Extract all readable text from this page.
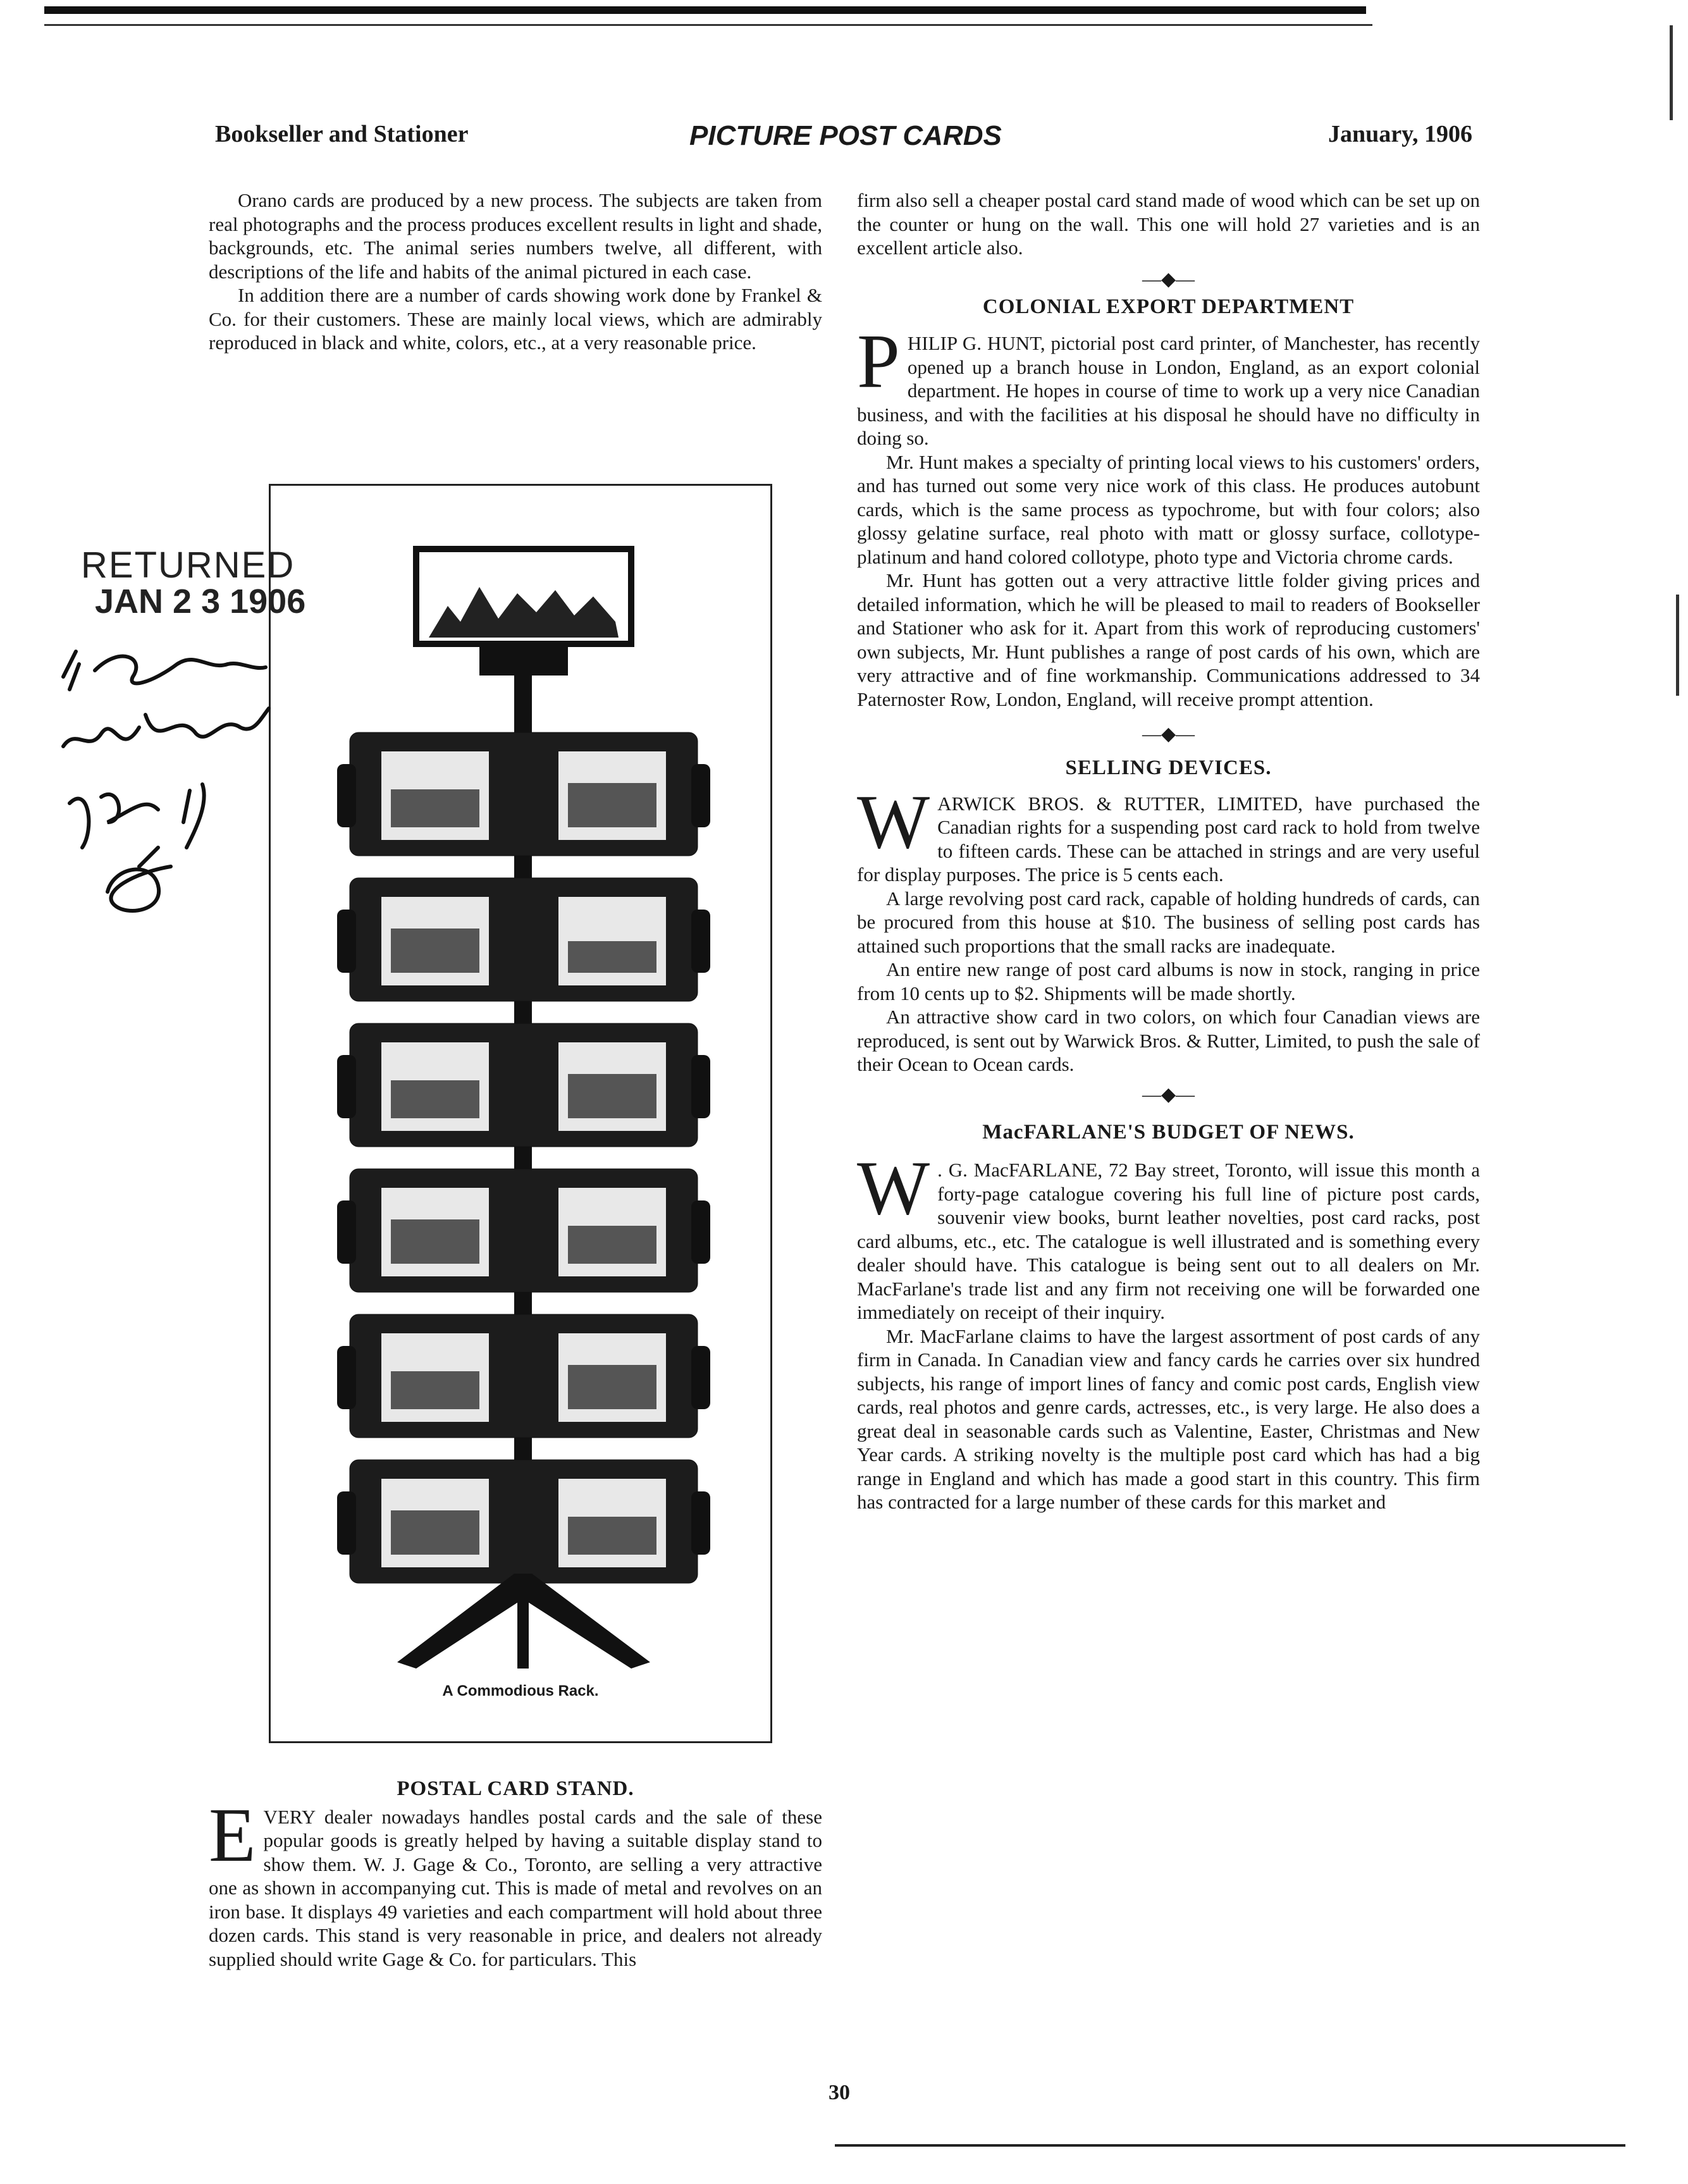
Bookseller and Stationer	PICTURE POST CARDS	January, 1906

Orano cards are produced by a new process. The subjects are taken from real photographs and the process produces excellent results in light and shade, backgrounds, etc. The animal series numbers twelve, all different, with descriptions of the life and habits of the animal pictured in each case.

In addition there are a number of cards showing work done by Frankel & Co. for their customers. These are mainly local views, which are admirably reproduced in black and white, colors, etc., at a very reasonable price.

A Commodious Rack.
RETURNED
JAN 2 3 1906
POSTAL CARD STAND.

EVERY dealer nowadays handles postal cards and the sale of these popular goods is greatly helped by having a suitable display stand to show them. W. J. Gage & Co., Toronto, are selling a very attractive one as shown in accompanying cut. This is made of metal and revolves on an iron base. It displays 49 varieties and each compartment will hold about three dozen cards. This stand is very reasonable in price, and dealers not already supplied should write Gage & Co. for particulars. This

firm also sell a cheaper postal card stand made of wood which can be set up on the counter or hung on the wall. This one will hold 27 varieties and is an excellent article also.

—◆—
COLONIAL EXPORT DEPARTMENT

PHILIP G. HUNT, pictorial post card printer, of Manchester, has recently opened up a branch house in London, England, as an export colonial department. He hopes in course of time to work up a very nice Canadian business, and with the facilities at his disposal he should have no difficulty in doing so.

Mr. Hunt makes a specialty of printing local views to his customers' orders, and has turned out some very nice work of this class. He produces autobunt cards, which is the same process as typochrome, but with four colors; also glossy gelatine surface, real photo with matt or glossy surface, collotype-platinum and hand colored collotype, photo type and Victoria chrome cards.

Mr. Hunt has gotten out a very attractive little folder giving prices and detailed information, which he will be pleased to mail to readers of Bookseller and Stationer who ask for it. Apart from this work of reproducing customers' own subjects, Mr. Hunt publishes a range of post cards of his own, which are very attractive and of fine workmanship. Communications addressed to 34 Paternoster Row, London, England, will receive prompt attention.

—◆—
SELLING DEVICES.

WARWICK BROS. & RUTTER, LIMITED, have purchased the Canadian rights for a suspending post card rack to hold from twelve to fifteen cards. These can be attached in strings and are very useful for display purposes. The price is 5 cents each.

A large revolving post card rack, capable of holding hundreds of cards, can be procured from this house at $10. The business of selling post cards has attained such proportions that the small racks are inadequate.

An entire new range of post card albums is now in stock, ranging in price from 10 cents up to $2. Shipments will be made shortly.

An attractive show card in two colors, on which four Canadian views are reproduced, is sent out by Warwick Bros. & Rutter, Limited, to push the sale of their Ocean to Ocean cards.

—◆—
MacFARLANE'S BUDGET OF NEWS.

W . G. MacFARLANE, 72 Bay street, Toronto, will issue this month a forty-page catalogue covering his full line of picture post cards, souvenir view books, burnt leather novelties, post card racks, post card albums, etc., etc. The catalogue is well illustrated and is something every dealer should have. This catalogue is being sent out to all dealers on Mr. MacFarlane's trade list and any firm not receiving one will be forwarded one immediately on receipt of their inquiry.

Mr. MacFarlane claims to have the largest assortment of post cards of any firm in Canada. In Canadian view and fancy cards he carries over six hundred subjects, his range of import lines of fancy and comic post cards, English view cards, real photos and genre cards, actresses, etc., is very large. He also does a great deal in seasonable cards such as Valentine, Easter, Christmas and New Year cards. A striking novelty is the multiple post card which has had a big range in England and which has made a good start in this country. This firm has contracted for a large number of these cards for this market and

30
